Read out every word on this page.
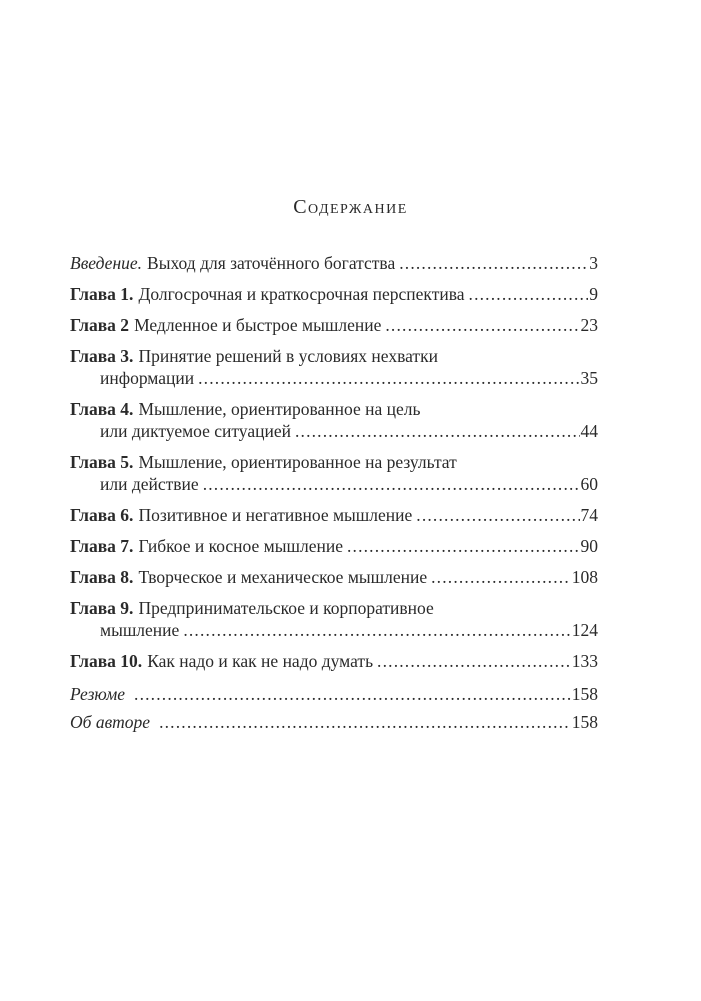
Содержание
Введение. Выход для заточённого богатства . . .	3
Глава 1. Долгосрочная и краткосрочная перспектива . . .	9
Глава 2 Медленное и быстрое мышление . . .	23
Глава 3. Принятие решений в условиях нехватки
информации . . .	35
Глава 4. Мышление, ориентированное на цель
или диктуемое ситуацией . . .	44
Глава 5. Мышление, ориентированное на результат
или действие . . .	60
Глава 6. Позитивное и негативное мышление . . .	74
Глава 7. Гибкое и косное мышление . . .	90
Глава 8. Творческое и механическое мышление . . .	108
Глава 9. Предпринимательское и корпоративное
мышление . . .	124
Глава 10. Как надо и как не надо думать . . .	133
Резюме . . .	158
Об авторе . . .	158
